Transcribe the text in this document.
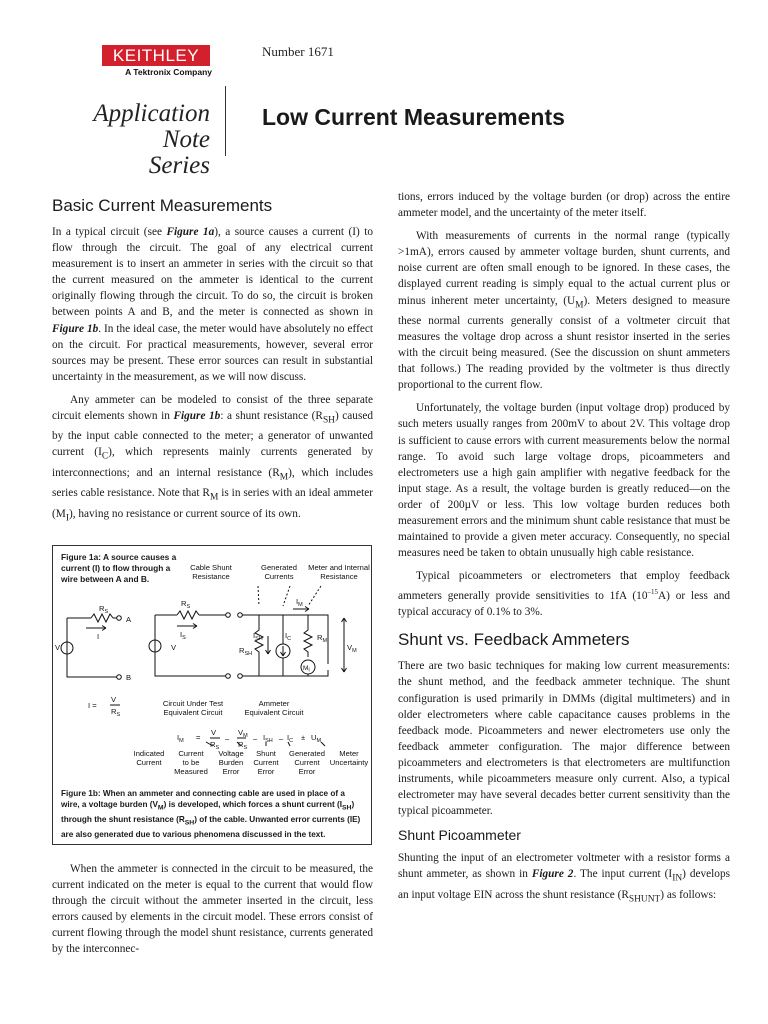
KEITHLEY
A Tektronix Company
Number 1671
Application Note
Series
Low Current Measurements
Basic Current Measurements

In a typical circuit (see Figure 1a), a source causes a current (I) to flow through the circuit. The goal of any electrical current measurement is to insert an ammeter in series with the circuit so that the current measured on the ammeter is identical to the current originally flowing through the circuit. To do so, the circuit is broken between points A and B, and the meter is connected as shown in Figure 1b. In the ideal case, the meter would have absolutely no effect on the circuit. For practical measurements, however, several error sources may be present. These error sources can result in substantial uncertainty in the measurement, as we will now discuss.

Any ammeter can be modeled to consist of the three separate circuit elements shown in Figure 1b: a shunt resistance $(R_{SH})$ caused by the input cable connected to the meter; a generator of unwanted current $(I_C)$, which represents mainly currents generated by interconnections; and an internal resistance $(R_M)$, which includes series cable resistance. Note that $R_M$ is in series with an ideal ammeter $(M_I)$, having no resistance or current source of its own.

Figure 1a: A source causes a current (I) to flow through a wire between A and B.
Cable Shunt
Resistance
Generated
Currents
Meter and Internal
Resistance
$R_S$
I
A
B
V
$R_S$
$I_S$
V
$I_{SH}$	$I_C$
$R_{SH}$
$R_M$
$I_M$
$V_M$
MI
I =
V
$R_S$
Circuit Under Test
Equivalent Circuit
Ammeter
Equivalent Circuit
$I_M$ =
V
$R_S$
–
$V_M$
$R_S$
– $I_{SH} - I_C \pm U_M$
Indicated
Current
Current
to be
Measured
Voltage
Burden
Error
Shunt
Current
Error
Generated
Current
Error
Meter
Uncertainty
Figure 1b: When an ammeter and connecting cable are used in place of a wire, a voltage burden $(V_M)$ is developed, which forces a shunt current $(I_{SH})$ through the shunt resistance $(R_{SH})$ of the cable. Unwanted error currents (IE) are also generated due to various phenomena discussed in the text.

When the ammeter is connected in the circuit to be measured, the current indicated on the meter is equal to the current that would flow through the circuit without the ammeter inserted in the circuit, less errors caused by elements in the circuit model. These errors consist of current flowing through the model shunt resistance, currents generated by the interconnec-

tions, errors induced by the voltage burden (or drop) across the entire ammeter model, and the uncertainty of the meter itself.

With measurements of currents in the normal range (typically >1mA), errors caused by ammeter voltage burden, shunt currents, and noise current are often small enough to be ignored. In these cases, the displayed current reading is simply equal to the actual current plus or minus inherent meter uncertainty, $(U_M)$. Meters designed to measure these normal currents generally consist of a voltmeter circuit that measures the voltage drop across a shunt resistor inserted in the series with the circuit being measured. (See the discussion on shunt ammeters that follows.) The reading provided by the voltmeter is thus directly proportional to the current flow.

Unfortunately, the voltage burden (input voltage drop) produced by such meters usually ranges from 200mV to about 2V. This voltage drop is sufficient to cause errors with current measurements below the normal range. To avoid such large voltage drops, picoammeters and electrometers use a high gain amplifier with negative feedback for the input stage. As a result, the voltage burden is greatly reduced—on the order of 200µV or less. This low voltage burden reduces both measurement errors and the minimum shunt cable resistance that must be maintained to provide a given meter accuracy. Consequently, no special measures need be taken to obtain unusually high cable resistance.

Typical picoammeters or electrometers that employ feedback ammeters generally provide sensitivities to 1fA $(10^{-15}A)$ or less and typical accuracy of 0.1% to 3%.

Shunt vs. Feedback Ammeters

There are two basic techniques for making low current measurements: the shunt method, and the feedback ammeter technique. The shunt configuration is used primarily in DMMs (digital multimeters) and in older electrometers where cable capacitance causes problems in the feedback mode. Picoammeters and newer electrometers use only the feedback ammeter configuration. The major difference between picoammeters and electrometers is that electrometers are multifunction instruments, while picoammeters measure only current. Also, a typical electrometer may have several decades better current sensitivity than the typical picoammeter.

Shunt Picoammeter

Shunting the input of an electrometer voltmeter with a resistor forms a shunt ammeter, as shown in Figure 2. The input current $(I_{IN})$ develops an input voltage EIN across the shunt resistance $(R_{SHUNT})$ as follows:
